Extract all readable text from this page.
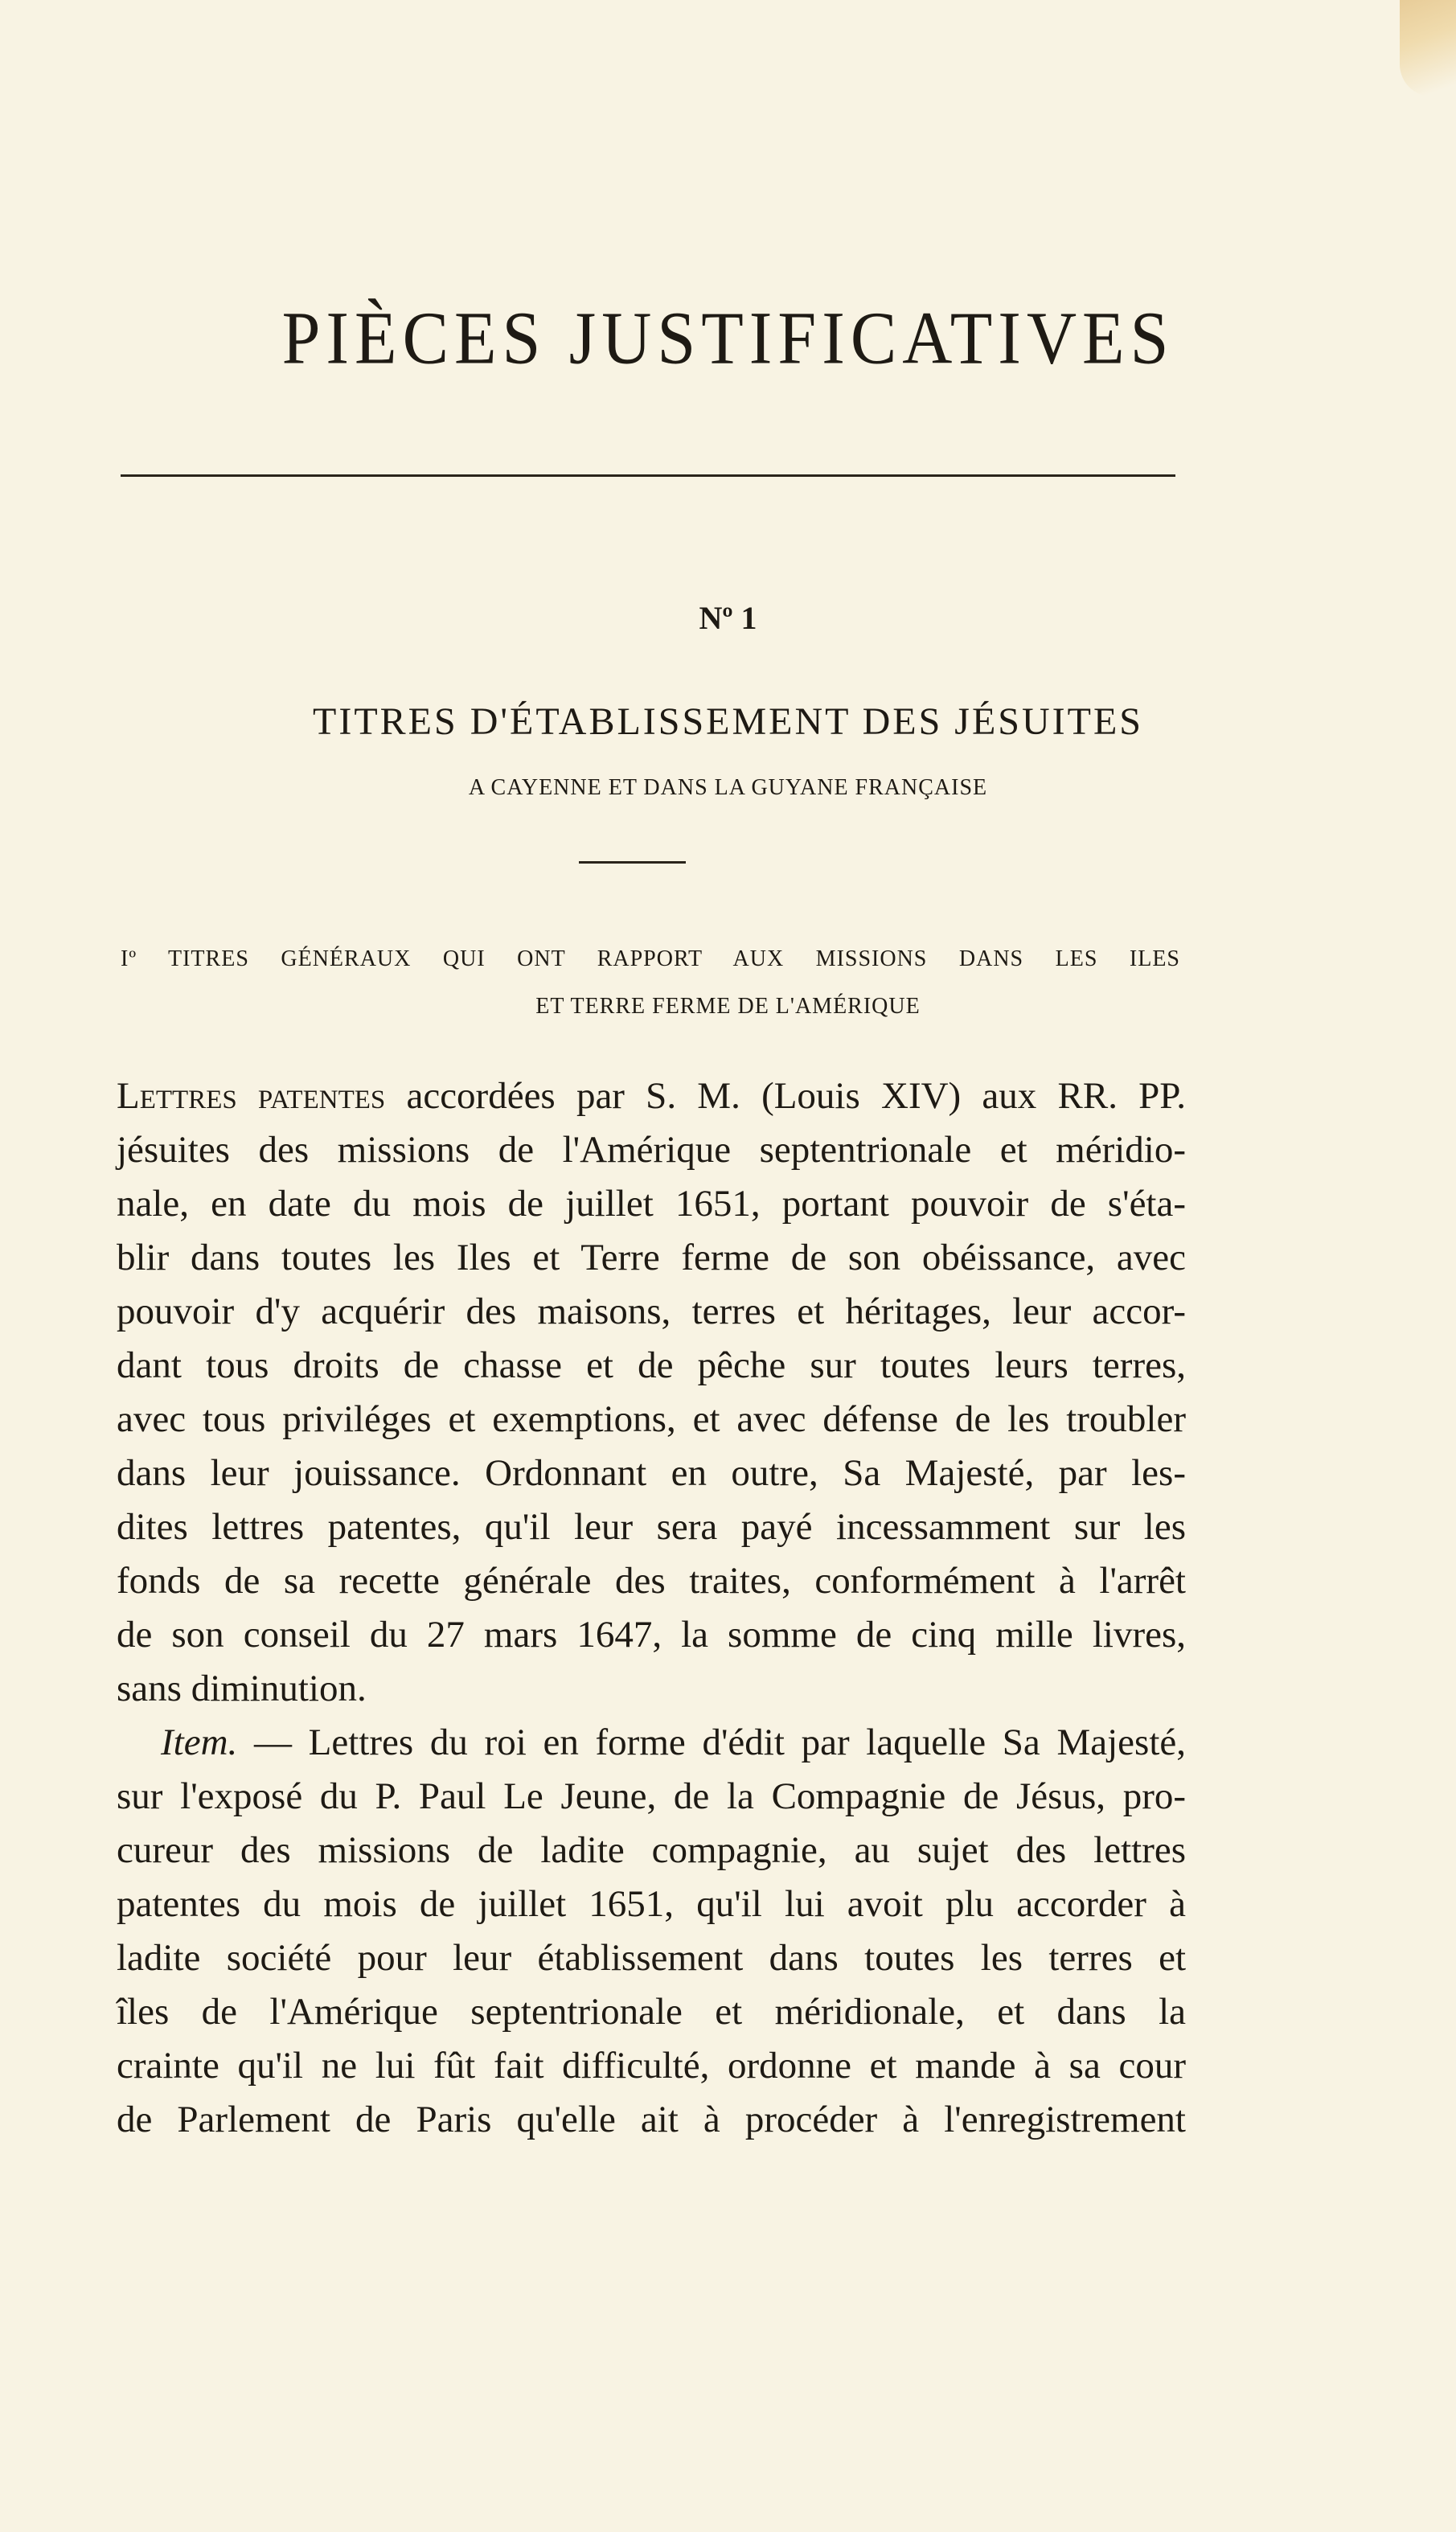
PIÈCES JUSTIFICATIVES
Nº 1
TITRES D'ÉTABLISSEMENT DES JÉSUITES
A CAYENNE ET DANS LA GUYANE FRANÇAISE
Iº TITRES GÉNÉRAUX QUI ONT RAPPORT AUX MISSIONS DANS LES ILES
ET TERRE FERME DE L'AMÉRIQUE
Lettres patentes accordées par S. M. (Louis XIV) aux RR. PP.
jésuites des missions de l'Amérique septentrionale et méridio-
nale, en date du mois de juillet 1651, portant pouvoir de s'éta-
blir dans toutes les Iles et Terre ferme de son obéissance, avec
pouvoir d'y acquérir des maisons, terres et héritages, leur accor-
dant tous droits de chasse et de pêche sur toutes leurs terres,
avec tous priviléges et exemptions, et avec défense de les troubler
dans leur jouissance. Ordonnant en outre, Sa Majesté, par les-
dites lettres patentes, qu'il leur sera payé incessamment sur les
fonds de sa recette générale des traites, conformément à l'arrêt
de son conseil du 27 mars 1647, la somme de cinq mille livres,
sans diminution.
Item. — Lettres du roi en forme d'édit par laquelle Sa Majesté,
sur l'exposé du P. Paul Le Jeune, de la Compagnie de Jésus, pro-
cureur des missions de ladite compagnie, au sujet des lettres
patentes du mois de juillet 1651, qu'il lui avoit plu accorder à
ladite société pour leur établissement dans toutes les terres et
îles de l'Amérique septentrionale et méridionale, et dans la
crainte qu'il ne lui fût fait difficulté, ordonne et mande à sa cour
de Parlement de Paris qu'elle ait à procéder à l'enregistrement
